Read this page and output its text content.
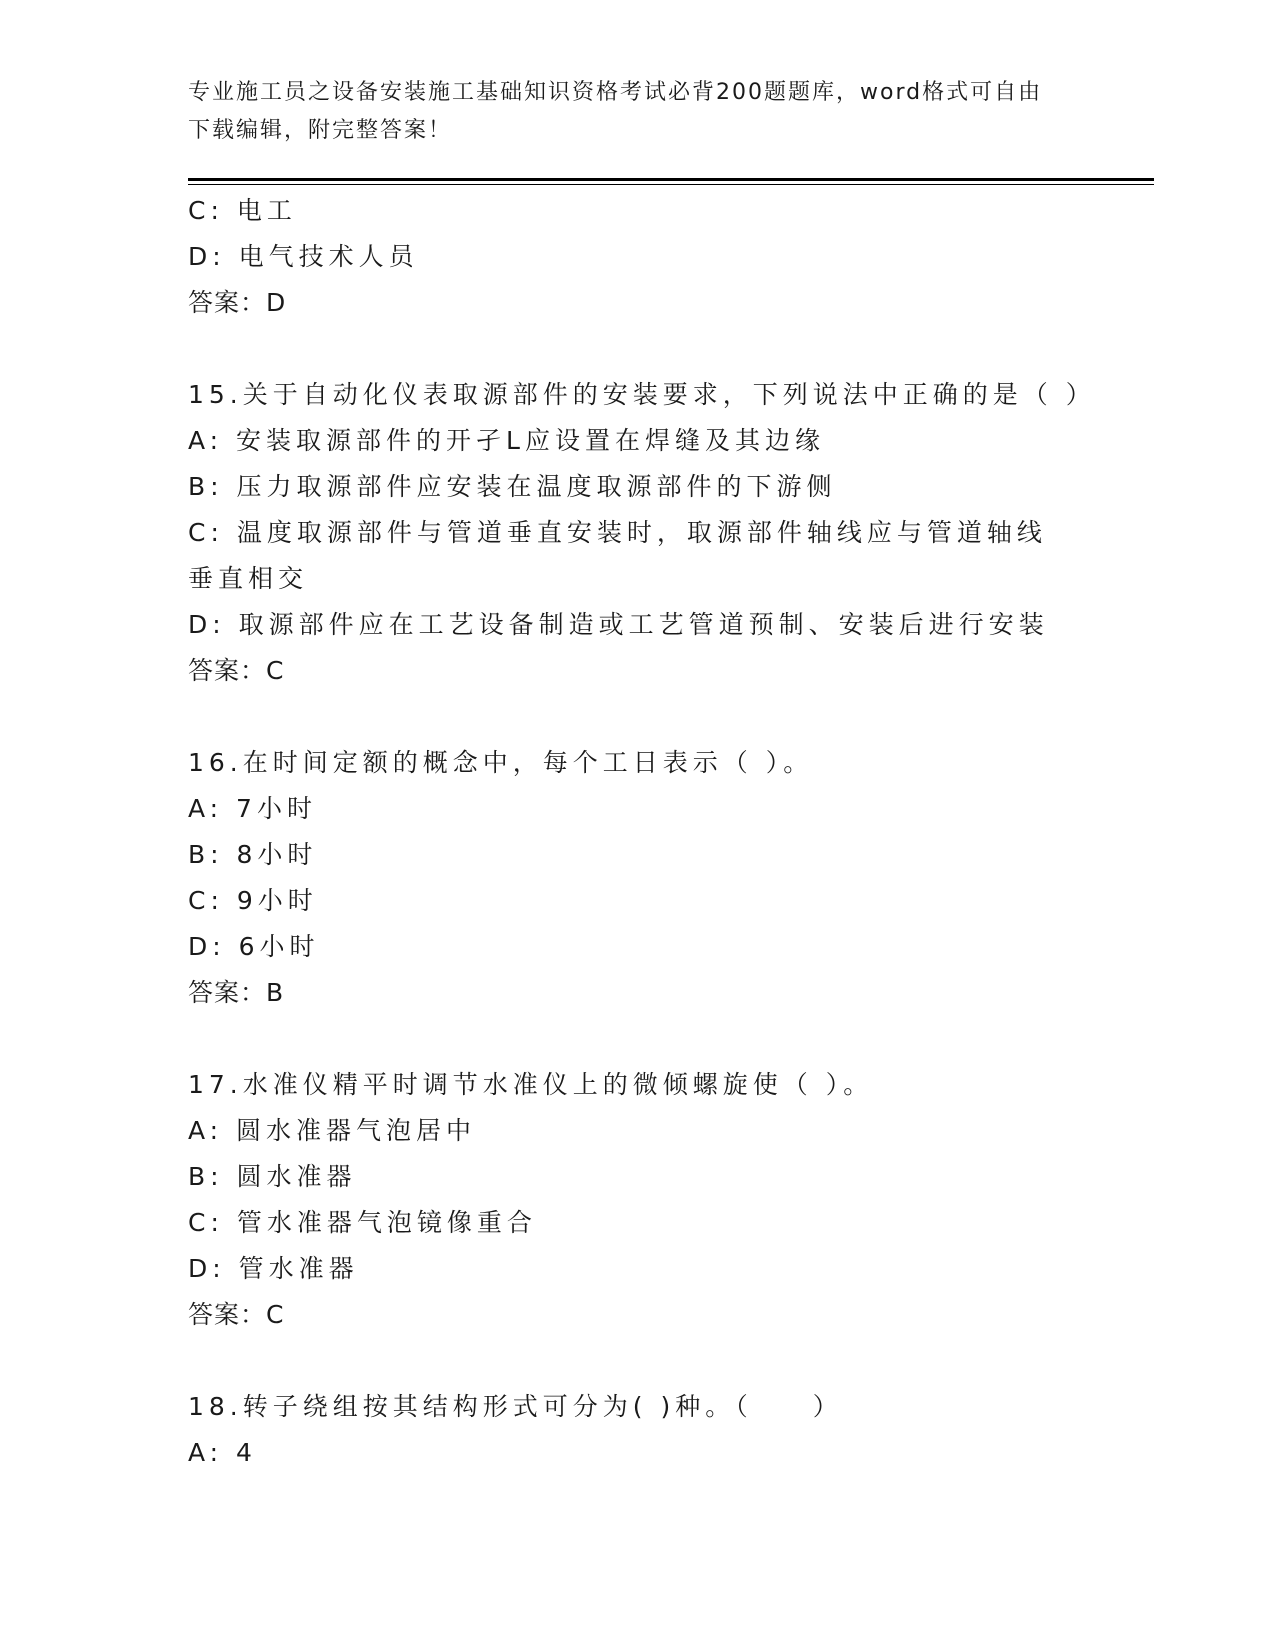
专业施工员之设备安装施工基础知识资格考试必背200题题库，word格式可自由
下载编辑，附完整答案！
C: 电工
D: 电气技术人员
答案：D
15.关于自动化仪表取源部件的安装要求，下列说法中正确的是（ ）
A: 安装取源部件的开孑L应设置在焊缝及其边缘
B: 压力取源部件应安装在温度取源部件的下游侧
C: 温度取源部件与管道垂直安装时，取源部件轴线应与管道轴线垂直相交
D: 取源部件应在工艺设备制造或工艺管道预制、安装后进行安装
答案：C
16.在时间定额的概念中，每个工日表示（ ）。
A: 7小时
B: 8小时
C: 9小时
D: 6小时
答案：B
17.水准仪精平时调节水准仪上的微倾螺旋使（ ）。
A: 圆水准器气泡居中
B: 圆水准器
C: 管水准器气泡镜像重合
D: 管水准器
答案：C
18.转子绕组按其结构形式可分为( )种。（　　）
A: 4
